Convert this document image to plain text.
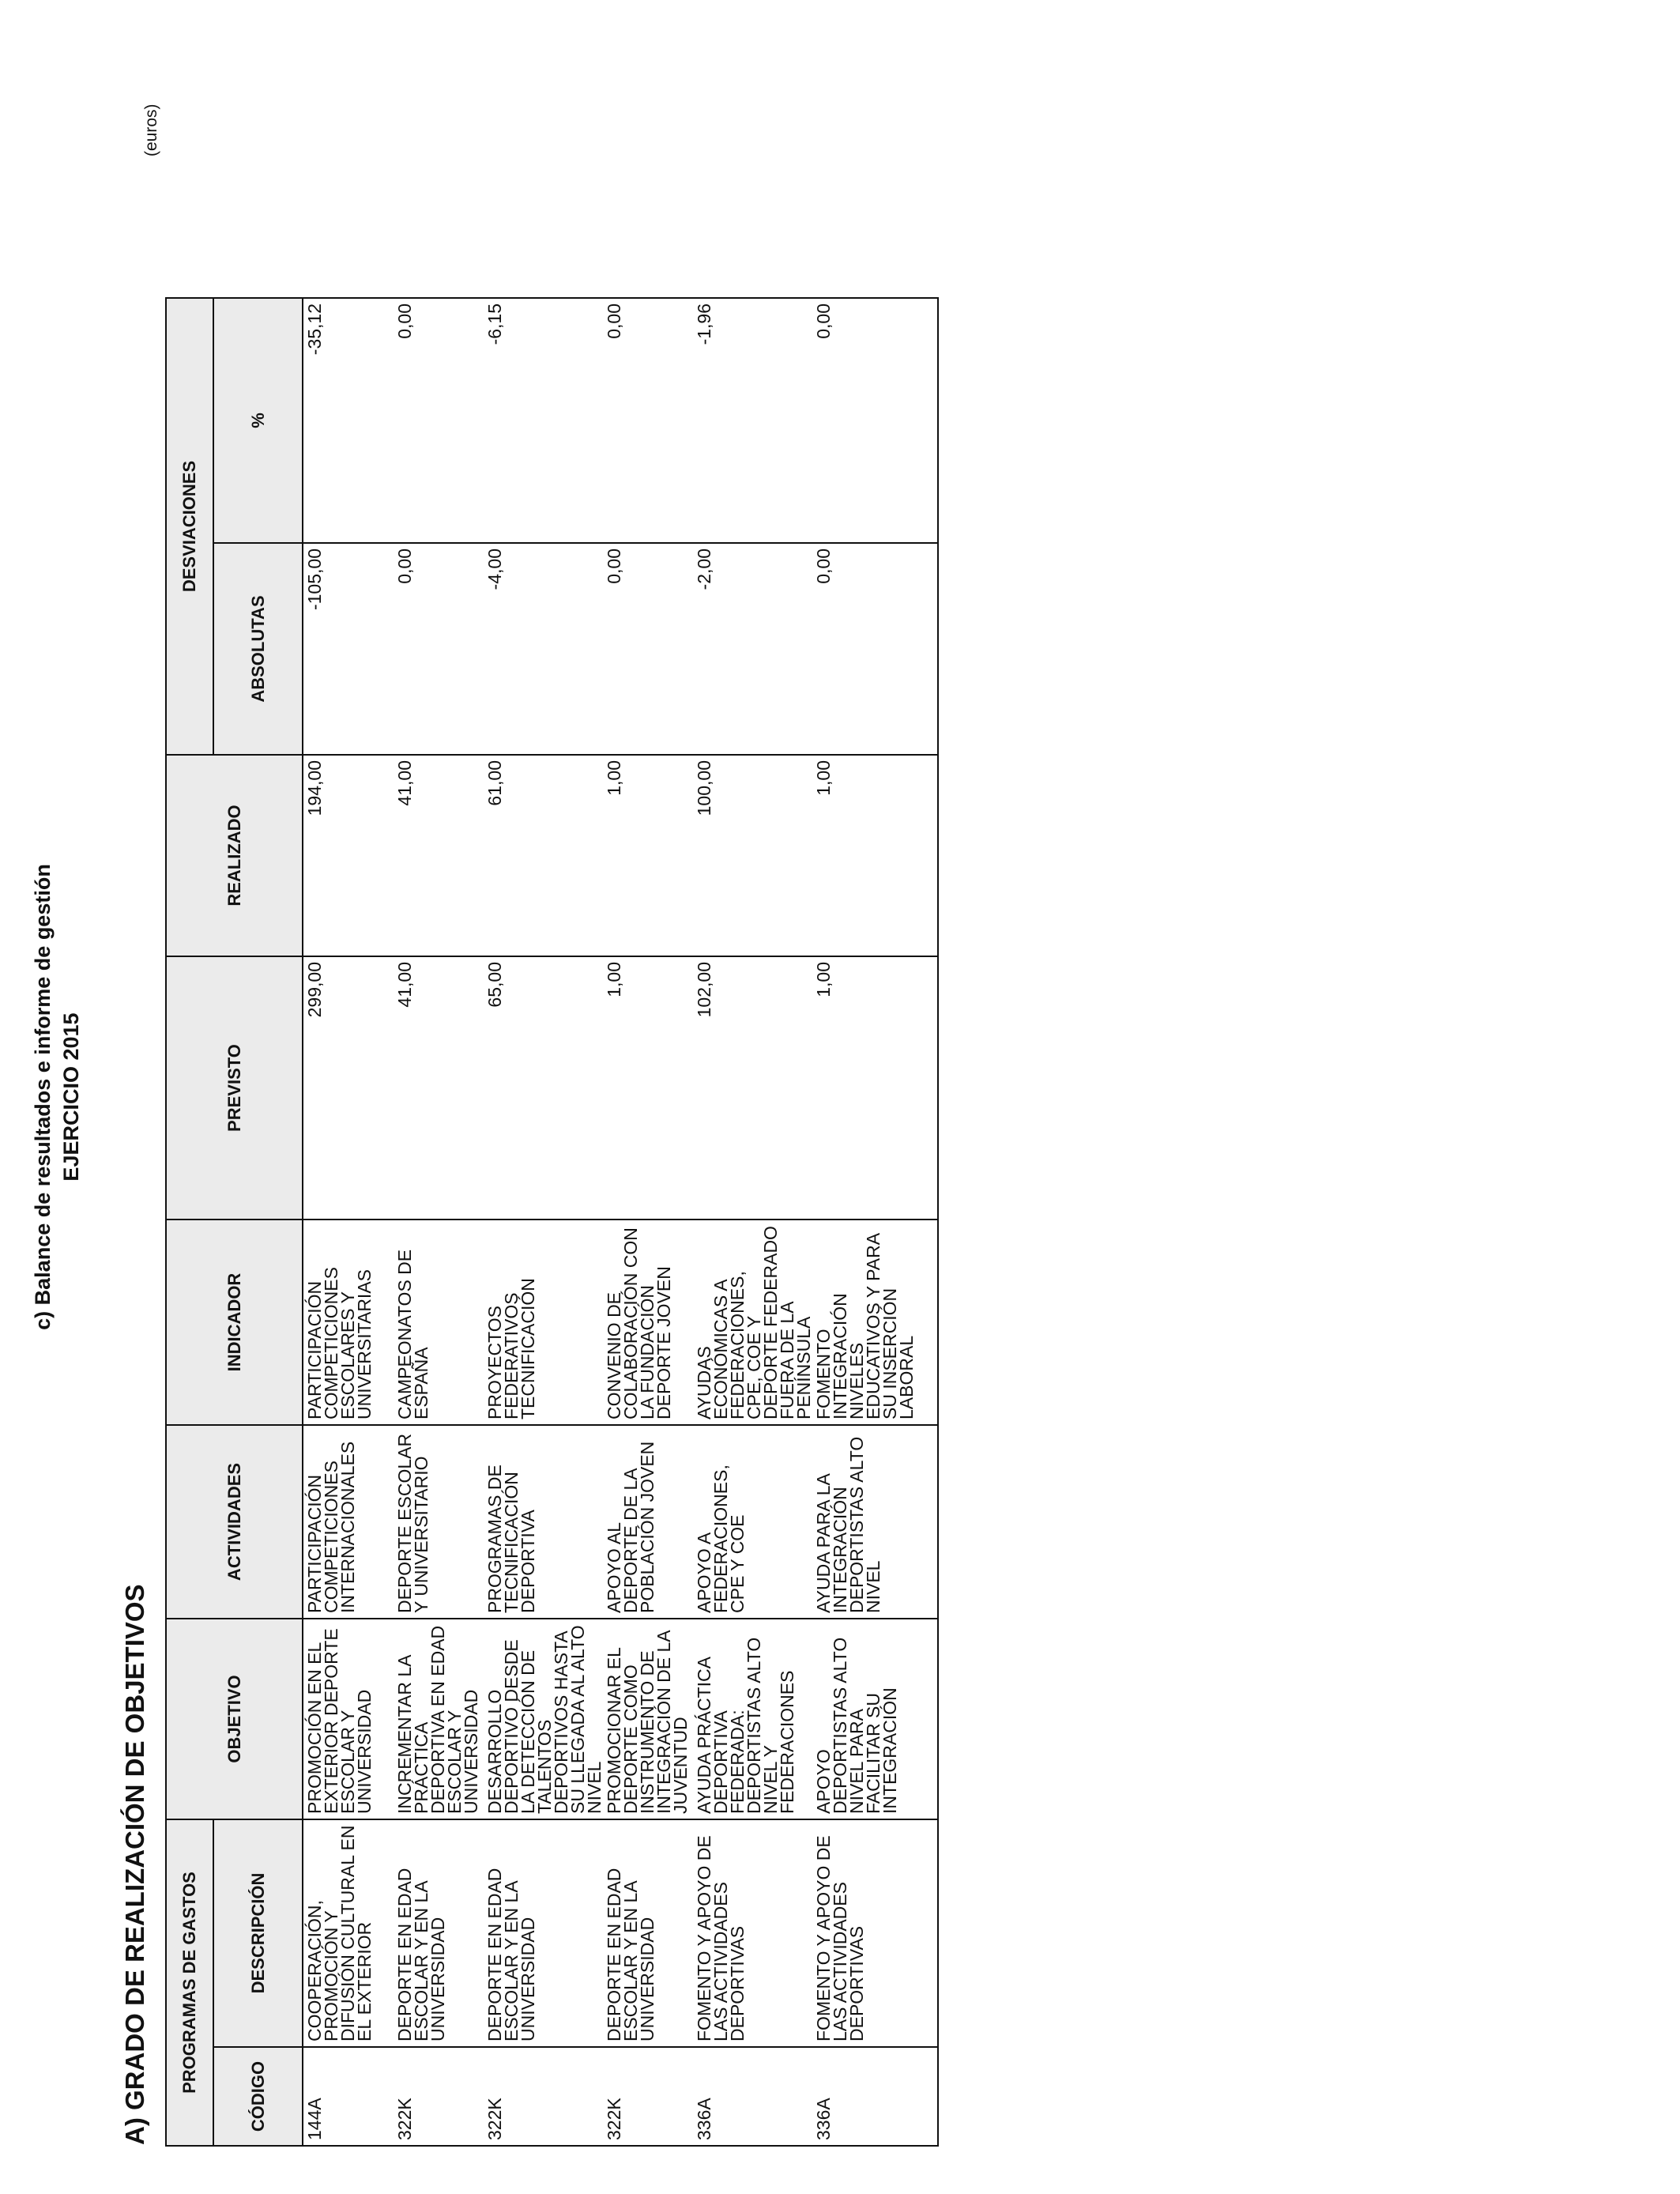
c) Balance de resultados e informe de gestión EJERCICIO 2015
A) GRADO DE REALIZACIÓN DE OBJETIVOS
(euros)
PROGRAMAS DE GASTOS		OBJETIVO	ACTIVIDADES	INDICADOR	PREVISTO	REALIZADO	DESVIACIONES	
CÓDIGO	DESCRIPCIÓN						ABSOLUTAS	%
144A	COOPERACIÓN, PROMOCIÓN Y DIFUSIÓN CULTURAL EN EL EXTERIOR	PROMOCIÓN EN EL EXTERIOR DEPORTE ESCOLAR Y UNIVERSIDAD	PARTICIPACIÓN COMPETICIONES INTERNACIONALES	PARTICIPACIÓN COMPETICIONES ESCOLARES Y UNIVERSITARIAS	299,00	194,00	-105,00	-35,12
322K	DEPORTE EN EDAD ESCOLAR Y EN LA UNIVERSIDAD	INCREMENTAR LA PRÁCTICA DEPORTIVA EN EDAD ESCOLAR Y UNIVERSIDAD	DEPORTE ESCOLAR Y UNIVERSITARIO	CAMPEONATOS DE ESPAÑA	41,00	41,00	0,00	0,00
322K	DEPORTE EN EDAD ESCOLAR Y EN LA UNIVERSIDAD	DESARROLLO DEPORTIVO DESDE LA DETECCIÓN DE TALENTOS DEPORTIVOS HASTA SU LLEGADA AL ALTO NIVEL	PROGRAMAS DE TECNIFICACIÓN DEPORTIVA	PROYECTOS FEDERATIVOS TECNIFICACIÓN	65,00	61,00	-4,00	-6,15
322K	DEPORTE EN EDAD ESCOLAR Y EN LA UNIVERSIDAD	PROMOCIONAR EL DEPORTE COMO INSTRUMENTO DE INTEGRACIÓN DE LA JUVENTUD	APOYO AL DEPORTE DE LA POBLACIÓN JOVEN	CONVENIO DE COLABORACIÓN CON LA FUNDACIÓN DEPORTE JOVEN	1,00	1,00	0,00	0,00
336A	FOMENTO Y APOYO DE LAS ACTIVIDADES DEPORTIVAS	AYUDA PRÁCTICA DEPORTIVA FEDERADA: DEPORTISTAS ALTO NIVEL Y FEDERACIONES	APOYO A FEDERACIONES, CPE Y COE	AYUDAS ECONÓMICAS A FEDERACIONES, CPE, COE Y DEPORTE FEDERADO FUERA DE LA PENÍNSULA	102,00	100,00	-2,00	-1,96
336A	FOMENTO Y APOYO DE LAS ACTIVIDADES DEPORTIVAS	APOYO DEPORTISTAS ALTO NIVEL PARA FACILITAR SU INTEGRACIÓN	AYUDA PARA LA INTEGRACIÓN DEPORTISTAS ALTO NIVEL	FOMENTO INTEGRACIÓN NIVELES EDUCATIVOS Y PARA SU INSERCIÓN LABORAL	1,00	1,00	0,00	0,00
